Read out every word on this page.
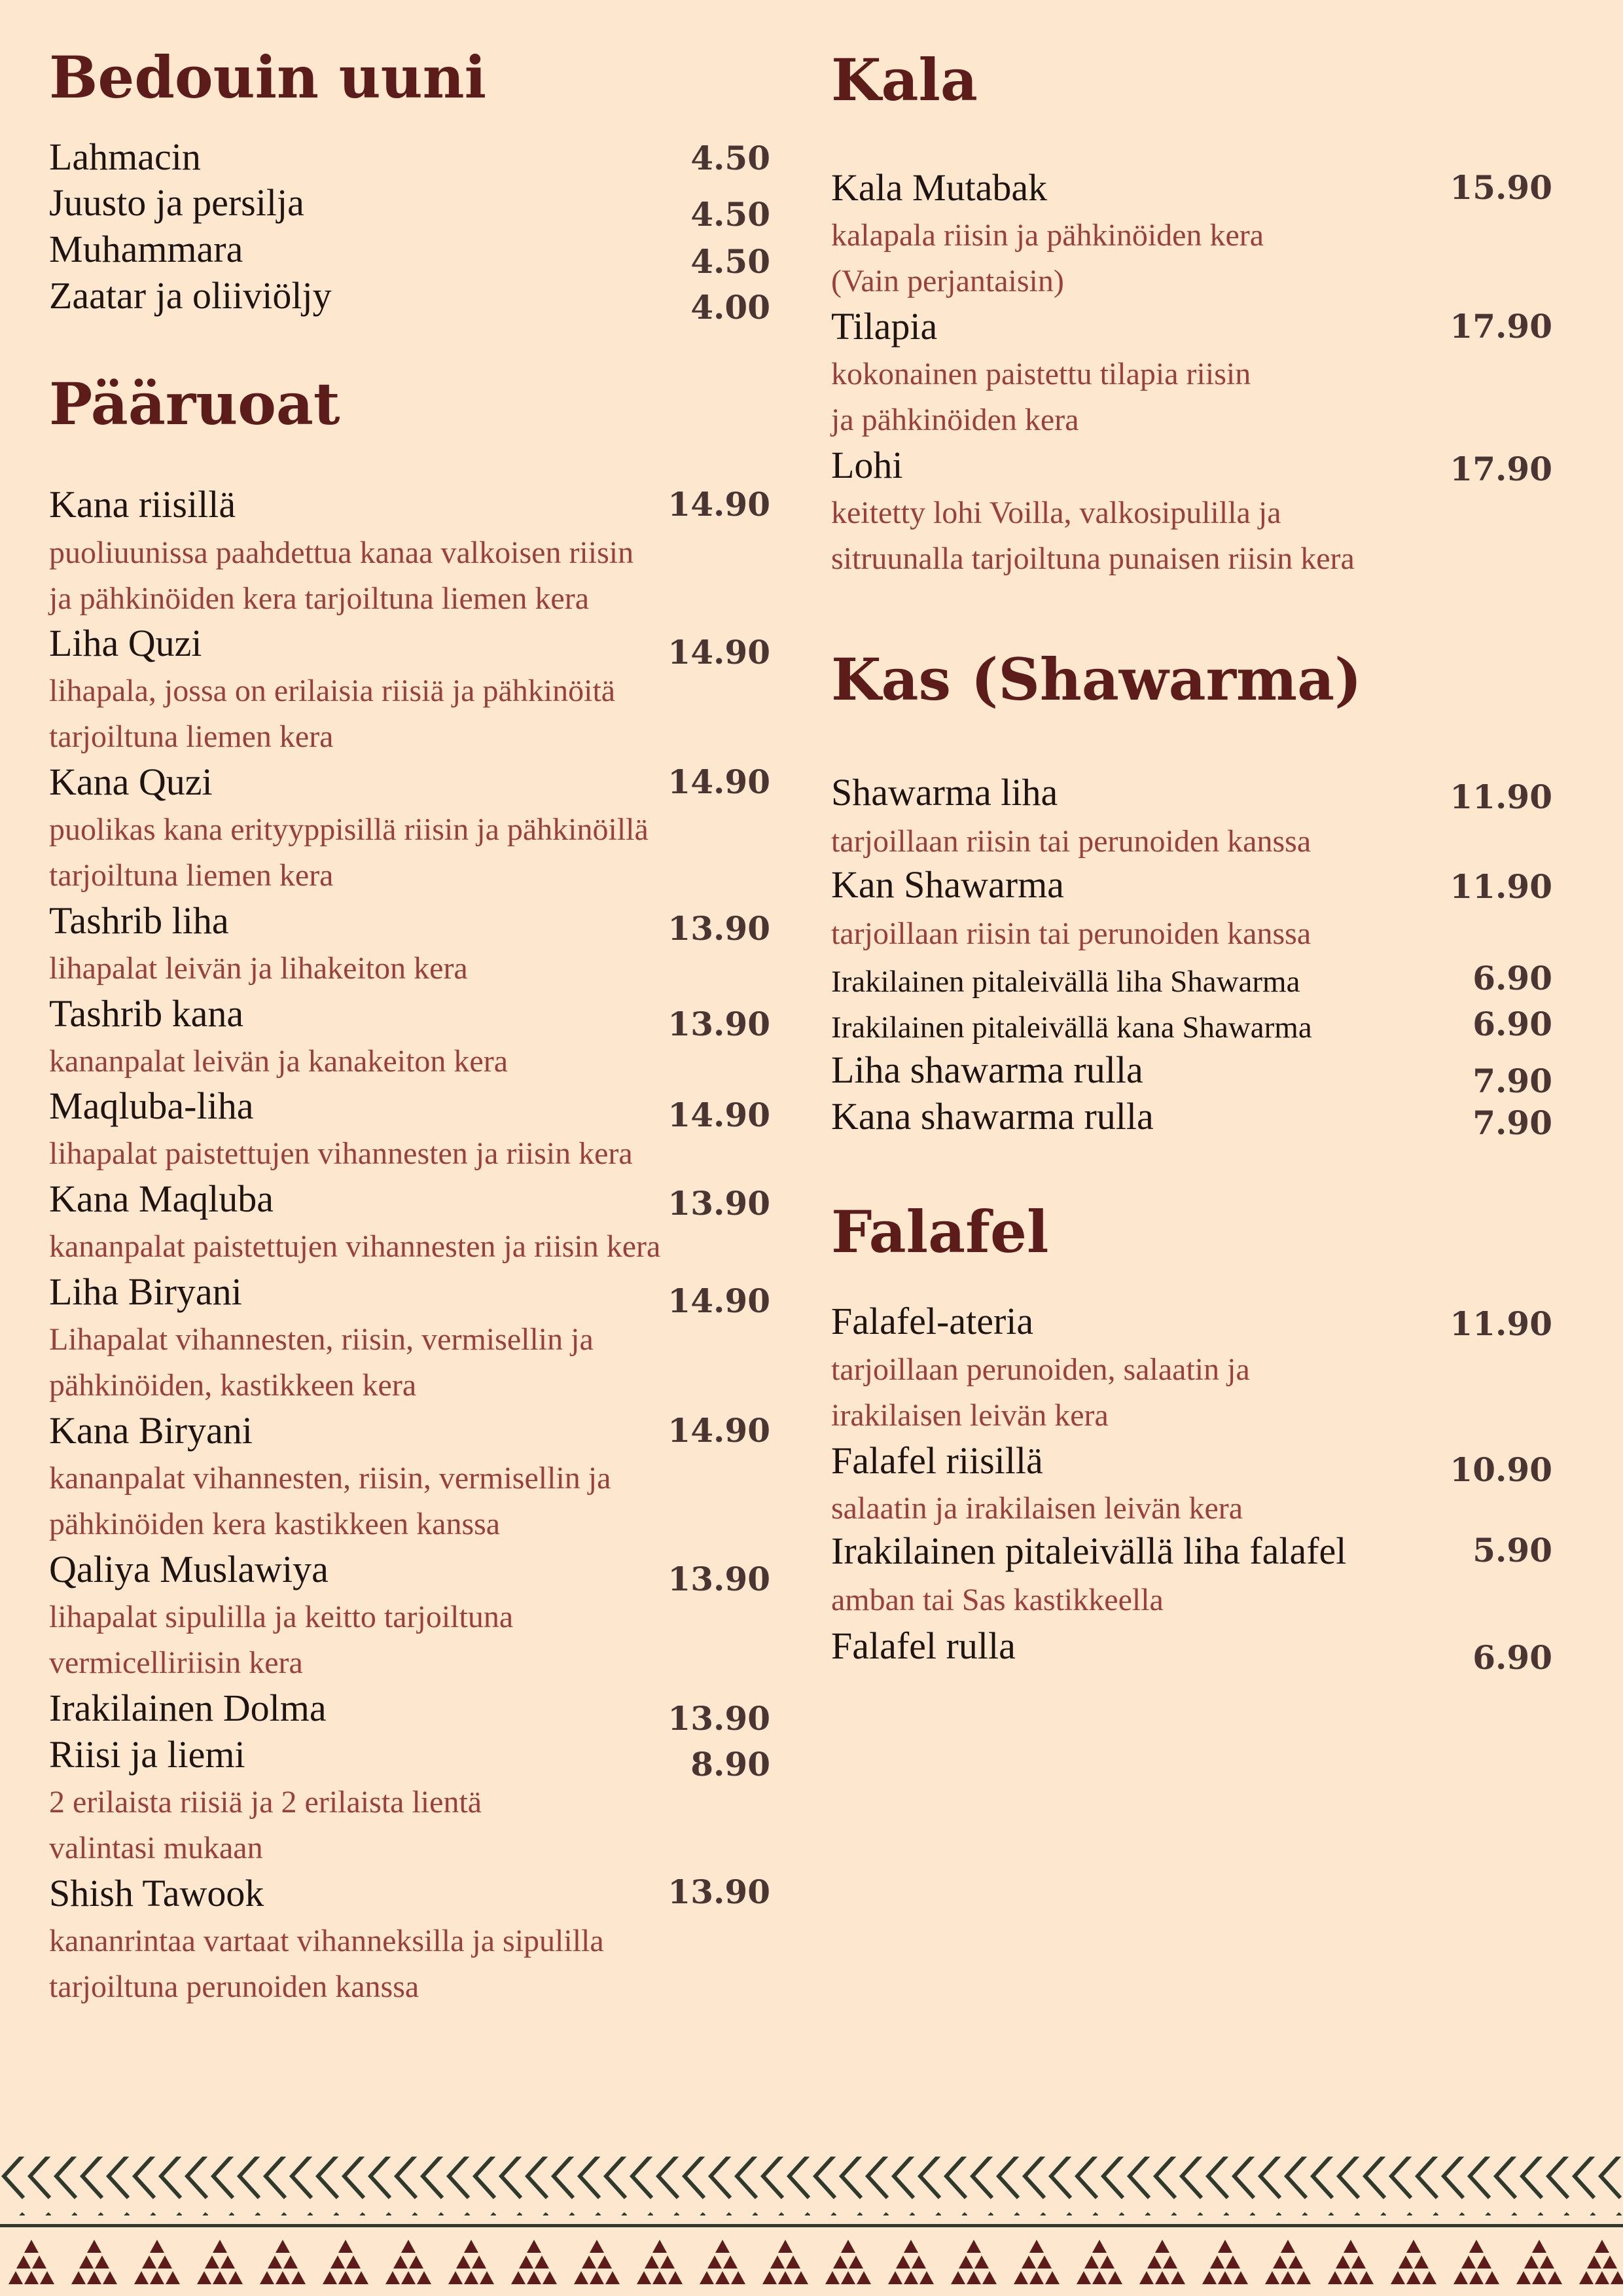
Bedouin uuni
Lahmacin	4.50
Juusto ja persilja	4.50
Muhammara	4.50
Zaatar ja oliiviöljy	4.00
Pääruoat
Kana riisillä	14.90
puoliuunissa paahdettua kanaa valkoisen riisin
ja pähkinöiden kera tarjoiltuna liemen kera
Liha Quzi	14.90
lihapala, jossa on erilaisia riisiä ja pähkinöitä
tarjoiltuna liemen kera
Kana Quzi	14.90
puolikas kana erityyppisillä riisin ja pähkinöillä
tarjoiltuna liemen kera
Tashrib liha	13.90
lihapalat leivän ja lihakeiton kera
Tashrib kana	13.90
kananpalat leivän ja kanakeiton kera
Maqluba-liha	14.90
lihapalat paistettujen vihannesten ja riisin kera
Kana Maqluba	13.90
kananpalat paistettujen vihannesten ja riisin kera
Liha Biryani	14.90
Lihapalat vihannesten, riisin, vermisellin ja
pähkinöiden, kastikkeen kera
Kana Biryani	14.90
kananpalat vihannesten, riisin, vermisellin ja
pähkinöiden kera kastikkeen kanssa
Qaliya Muslawiya	13.90
lihapalat sipulilla ja keitto tarjoiltuna
vermicelliriisin kera
Irakilainen Dolma	13.90
Riisi ja liemi	8.90
2 erilaista riisiä ja 2 erilaista lientä
valintasi mukaan
Shish Tawook	13.90
kananrintaa vartaat vihanneksilla ja sipulilla
tarjoiltuna perunoiden kanssa
Kala
Kala Mutabak	15.90
kalapala riisin ja pähkinöiden kera
(Vain perjantaisin)
Tilapia	17.90
kokonainen paistettu tilapia riisin
ja pähkinöiden kera
Lohi	17.90
keitetty lohi Voilla, valkosipulilla ja
sitruunalla tarjoiltuna punaisen riisin kera
Kas (Shawarma)
Shawarma liha	11.90
tarjoillaan riisin tai perunoiden kanssa
Kan Shawarma	11.90
tarjoillaan riisin tai perunoiden kanssa
Irakilainen pitaleivällä liha Shawarma	6.90
Irakilainen pitaleivällä kana Shawarma	6.90
Liha shawarma rulla	7.90
Kana shawarma rulla	7.90
Falafel
Falafel-ateria	11.90
tarjoillaan perunoiden, salaatin ja
irakilaisen leivän kera
Falafel riisillä	10.90
salaatin ja irakilaisen leivän kera
Irakilainen pitaleivällä liha falafel	5.90
amban tai Sas kastikkeella
Falafel rulla	6.90
